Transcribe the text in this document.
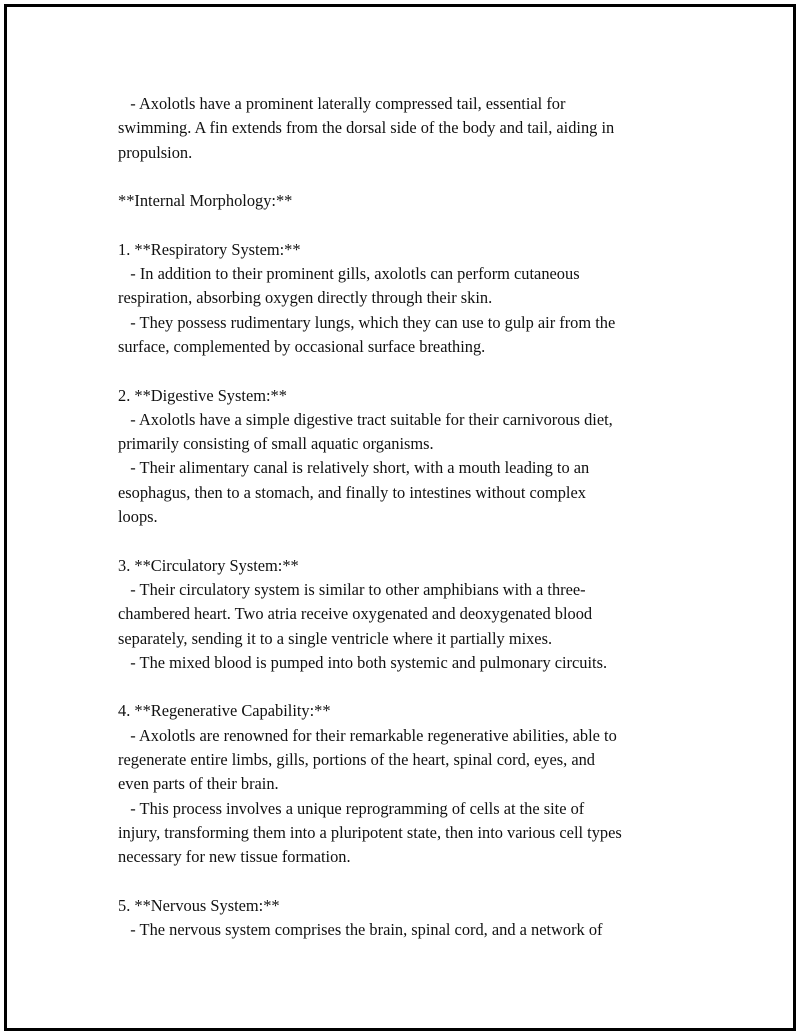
- Axolotls have a prominent laterally compressed tail, essential for
swimming. A fin extends from the dorsal side of the body and tail, aiding in
propulsion.

**Internal Morphology:**

1. **Respiratory System:**
- In addition to their prominent gills, axolotls can perform cutaneous
respiration, absorbing oxygen directly through their skin.
- They possess rudimentary lungs, which they can use to gulp air from the
surface, complemented by occasional surface breathing.

2. **Digestive System:**
- Axolotls have a simple digestive tract suitable for their carnivorous diet,
primarily consisting of small aquatic organisms.
- Their alimentary canal is relatively short, with a mouth leading to an
esophagus, then to a stomach, and finally to intestines without complex
loops.

3. **Circulatory System:**
- Their circulatory system is similar to other amphibians with a three-
chambered heart. Two atria receive oxygenated and deoxygenated blood
separately, sending it to a single ventricle where it partially mixes.
- The mixed blood is pumped into both systemic and pulmonary circuits.

4. **Regenerative Capability:**
- Axolotls are renowned for their remarkable regenerative abilities, able to
regenerate entire limbs, gills, portions of the heart, spinal cord, eyes, and
even parts of their brain.
- This process involves a unique reprogramming of cells at the site of
injury, transforming them into a pluripotent state, then into various cell types
necessary for new tissue formation.

5. **Nervous System:**
- The nervous system comprises the brain, spinal cord, and a network of
